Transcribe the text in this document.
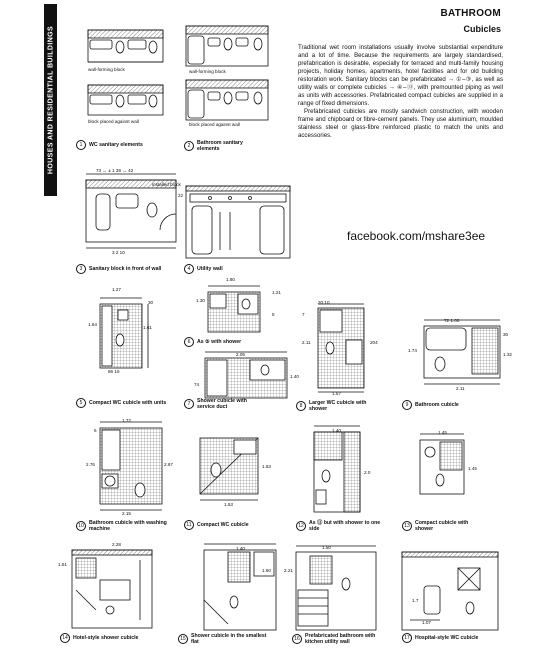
HOUSES AND RESIDENTIAL BUILDINGS
BATHROOM
Cubicles

Traditional wet room installations usually involve substantial expenditure and a lot of time. Because the requirements are largely standardised, prefabrication is desirable, especially for terraced and multi-family housing projects, holiday homes, apartments, hotel facilities and for old building restoration work. Sanitary blocks can be prefabricated → ①–③, as well as utility walls or complete cubicles → ④–⑬, with premounted piping as well as units with accessories. Prefabricated compact cubicles are supplied in a range of fixed dimensions.

Prefabricated cubicles are mostly sandwich construction, with wooden frame and chipboard or fibre-cement panels. They use aluminium, moulded stainless steel or glass-fibre reinforced plastic to match the units and accessories.

facebook.com/mshare3ee
wall-forming block	wall-forming block
block placed against wall
block placed against wall
installed block
73 ↔ ± 1 36 ↔ 42
3 2 10
22
1.80
1.21
5
1.30
1.27
1.64
1.61
86 16
30
2.05
1.40
74
20 10
2.11	204
1.57
7
72 1.00
1.74
1.32
30
2.11
1.72
2.76	2.67
2.15
6
1.53
1.53
1.40
2.0
1.45
1.45
2.28
1.51
1.40
1.60
1.50
2.21
1.07
1.7
1 WC sanitary elements	2Bathroom sanitary elements
3 Sanitary block in front of wall	4 Utility wall
5 Compact WC cubicle with units
6 As ⑤ with shower
7Shower cubicle with service duct	8Larger WC cubicle with shower
9 Bathroom cubicle
10Bathroom cubicle with washing machine
11 Compact WC cubicle	12As ⑪ but with shower to one side	13Compact cubicle with shower
14 Hotel-style shower cubicle	15Shower cubicle in the smallest flat	16Prefabricated bathroom with kitchen utility wall
17 Hospital-style WC cubicle
